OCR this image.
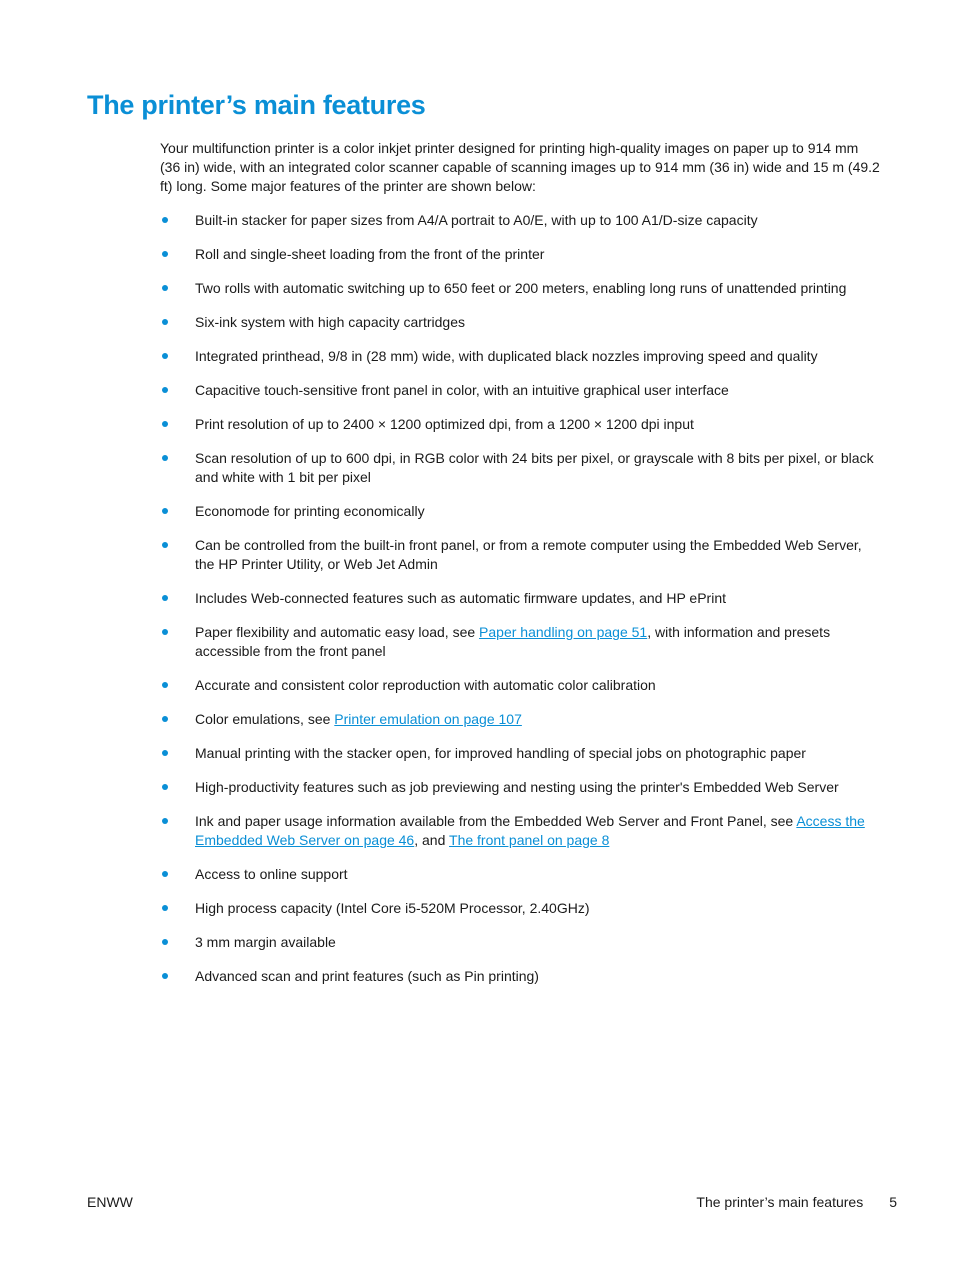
The printer’s main features

Your multifunction printer is a color inkjet printer designed for printing high-quality images on paper up to 914 mm (36 in) wide, with an integrated color scanner capable of scanning images up to 914 mm (36 in) wide and 15 m (49.2 ft) long. Some major features of the printer are shown below:

Built-in stacker for paper sizes from A4/A portrait to A0/E, with up to 100 A1/D-size capacity
Roll and single-sheet loading from the front of the printer
Two rolls with automatic switching up to 650 feet or 200 meters, enabling long runs of unattended printing
Six-ink system with high capacity cartridges
Integrated printhead, 9/8 in (28 mm) wide, with duplicated black nozzles improving speed and quality
Capacitive touch-sensitive front panel in color, with an intuitive graphical user interface
Print resolution of up to 2400 × 1200 optimized dpi, from a 1200 × 1200 dpi input
Scan resolution of up to 600 dpi, in RGB color with 24 bits per pixel, or grayscale with 8 bits per pixel, or black and white with 1 bit per pixel
Economode for printing economically
Can be controlled from the built-in front panel, or from a remote computer using the Embedded Web Server, the HP Printer Utility, or Web Jet Admin
Includes Web-connected features such as automatic firmware updates, and HP ePrint
Paper flexibility and automatic easy load, see Paper handling on page 51, with information and presets accessible from the front panel
Accurate and consistent color reproduction with automatic color calibration
Color emulations, see Printer emulation on page 107
Manual printing with the stacker open, for improved handling of special jobs on photographic paper
High-productivity features such as job previewing and nesting using the printer's Embedded Web Server
Ink and paper usage information available from the Embedded Web Server and Front Panel, see Access the Embedded Web Server on page 46, and The front panel on page 8
Access to online support
High process capacity (Intel Core i5-520M Processor, 2.40GHz)
3 mm margin available
Advanced scan and print features (such as Pin printing)
ENWW	The printer’s main features 5
